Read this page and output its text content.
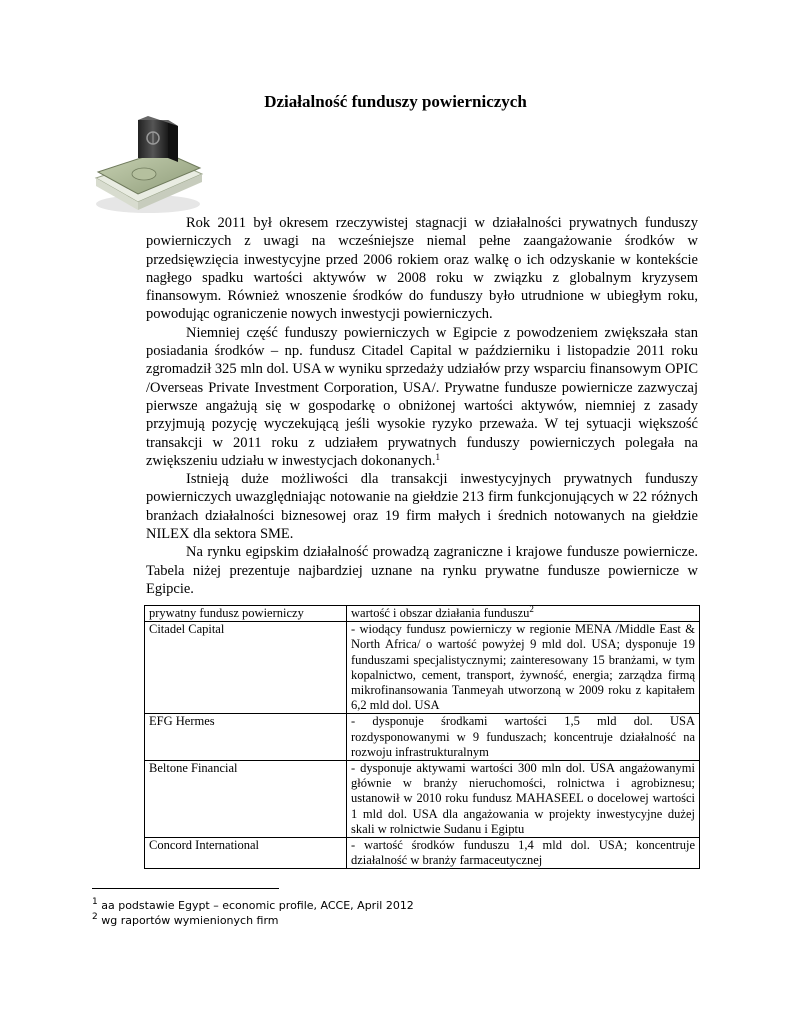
Działalność funduszy powierniczych

Rok 2011 był okresem rzeczywistej stagnacji w działalności prywatnych funduszy powierniczych z uwagi na wcześniejsze niemal pełne zaangażowanie środków w przedsięwzięcia inwestycyjne przed 2006 rokiem oraz walkę o ich odzyskanie w kontekście nagłego spadku wartości aktywów w 2008 roku w związku z globalnym kryzysem finansowym. Również wnoszenie środków do funduszy było utrudnione w ubiegłym roku, powodując ograniczenie nowych inwestycji powierniczych.

Niemniej część funduszy powierniczych w Egipcie z powodzeniem zwiększała stan posiadania środków – np. fundusz Citadel Capital w październiku i listopadzie 2011 roku zgromadził 325 mln dol. USA w wyniku sprzedaży udziałów przy wsparciu finansowym OPIC /Overseas Private Investment Corporation, USA/. Prywatne fundusze powiernicze zazwyczaj pierwsze angażują się w gospodarkę o obniżonej wartości aktywów, niemniej z zasady przyjmują pozycję wyczekującą jeśli wysokie ryzyko przeważa. W tej sytuacji większość transakcji w 2011 roku z udziałem prywatnych funduszy powierniczych polegała na zwiększeniu udziału w inwestycjach dokonanych.$^1$

Istnieją duże możliwości dla transakcji inwestycyjnych prywatnych funduszy powierniczych uwazględniając notowanie na giełdzie 213 firm funkcjonujących w 22 różnych branżach działalności biznesowej oraz 19 firm małych i średnich notowanych na giełdzie NILEX dla sektora SME.

Na rynku egipskim działalność prowadzą zagraniczne i krajowe fundusze powiernicze. Tabela niżej prezentuje najbardziej uznane na rynku prywatne fundusze powiernicze w Egipcie.

prywatny fundusz powierniczy	wartość i obszar działania funduszu$^2$
Citadel Capital	- wiodący fundusz powierniczy w regionie MENA /Middle East & North Africa/ o wartość powyżej 9 mld dol. USA; dysponuje 19 funduszami specjalistycznymi; zainteresowany 15 branżami, w tym kopalnictwo, cement, transport, żywność, energia; zarządza firmą mikrofinansowania Tanmeyah utworzoną w 2009 roku z kapitałem 6,2 mld dol. USA
EFG Hermes	- dysponuje środkami wartości 1,5 mld dol. USA rozdysponowanymi w 9 funduszach; koncentruje działalność na rozwoju infrastrukturalnym
Beltone Financial	- dysponuje aktywami wartości 300 mln dol. USA angażowanymi głównie w branży nieruchomości, rolnictwa i agrobiznesu; ustanowił w 2010 roku fundusz MAHASEEL o docelowej wartości 1 mld dol. USA dla angażowania w projekty inwestycyjne dużej skali w rolnictwie Sudanu i Egiptu
Concord International	- wartość środków funduszu 1,4 mld dol. USA; koncentruje działalność w branży farmaceutycznej
$^1$ aa podstawie Egypt – economic profile, ACCE, April 2012
$^2$ wg raportów wymienionych firm
